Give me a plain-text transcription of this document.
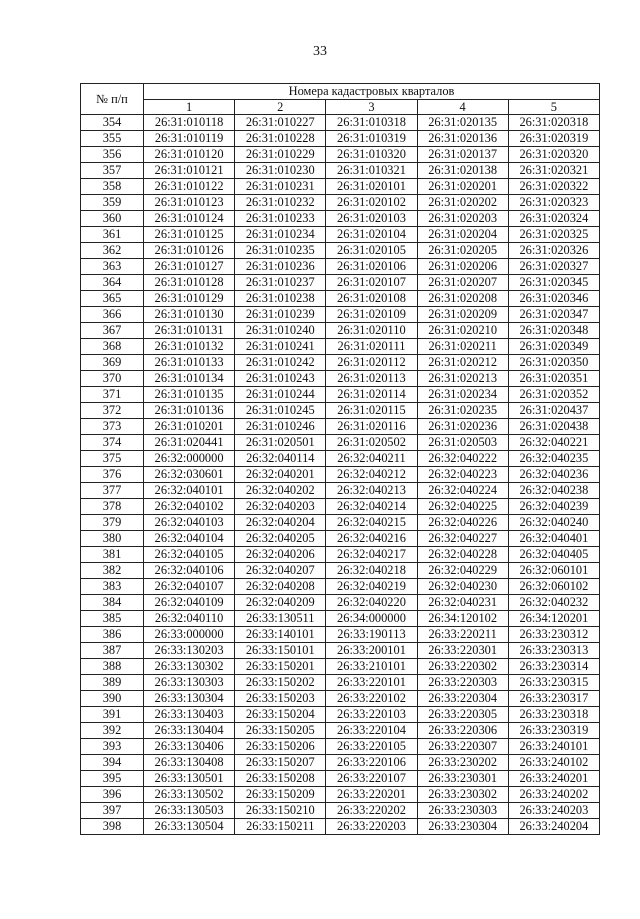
33
№ п/п	Номера кадастровых кварталов				
	1	2	3	4	5
354	26:31:010118	26:31:010227	26:31:010318	26:31:020135	26:31:020318
355	26:31:010119	26:31:010228	26:31:010319	26:31:020136	26:31:020319
356	26:31:010120	26:31:010229	26:31:010320	26:31:020137	26:31:020320
357	26:31:010121	26:31:010230	26:31:010321	26:31:020138	26:31:020321
358	26:31:010122	26:31:010231	26:31:020101	26:31:020201	26:31:020322
359	26:31:010123	26:31:010232	26:31:020102	26:31:020202	26:31:020323
360	26:31:010124	26:31:010233	26:31:020103	26:31:020203	26:31:020324
361	26:31:010125	26:31:010234	26:31:020104	26:31:020204	26:31:020325
362	26:31:010126	26:31:010235	26:31:020105	26:31:020205	26:31:020326
363	26:31:010127	26:31:010236	26:31:020106	26:31:020206	26:31:020327
364	26:31:010128	26:31:010237	26:31:020107	26:31:020207	26:31:020345
365	26:31:010129	26:31:010238	26:31:020108	26:31:020208	26:31:020346
366	26:31:010130	26:31:010239	26:31:020109	26:31:020209	26:31:020347
367	26:31:010131	26:31:010240	26:31:020110	26:31:020210	26:31:020348
368	26:31:010132	26:31:010241	26:31:020111	26:31:020211	26:31:020349
369	26:31:010133	26:31:010242	26:31:020112	26:31:020212	26:31:020350
370	26:31:010134	26:31:010243	26:31:020113	26:31:020213	26:31:020351
371	26:31:010135	26:31:010244	26:31:020114	26:31:020234	26:31:020352
372	26:31:010136	26:31:010245	26:31:020115	26:31:020235	26:31:020437
373	26:31:010201	26:31:010246	26:31:020116	26:31:020236	26:31:020438
374	26:31:020441	26:31:020501	26:31:020502	26:31:020503	26:32:040221
375	26:32:000000	26:32:040114	26:32:040211	26:32:040222	26:32:040235
376	26:32:030601	26:32:040201	26:32:040212	26:32:040223	26:32:040236
377	26:32:040101	26:32:040202	26:32:040213	26:32:040224	26:32:040238
378	26:32:040102	26:32:040203	26:32:040214	26:32:040225	26:32:040239
379	26:32:040103	26:32:040204	26:32:040215	26:32:040226	26:32:040240
380	26:32:040104	26:32:040205	26:32:040216	26:32:040227	26:32:040401
381	26:32:040105	26:32:040206	26:32:040217	26:32:040228	26:32:040405
382	26:32:040106	26:32:040207	26:32:040218	26:32:040229	26:32:060101
383	26:32:040107	26:32:040208	26:32:040219	26:32:040230	26:32:060102
384	26:32:040109	26:32:040209	26:32:040220	26:32:040231	26:32:040232
385	26:32:040110	26:33:130511	26:34:000000	26:34:120102	26:34:120201
386	26:33:000000	26:33:140101	26:33:190113	26:33:220211	26:33:230312
387	26:33:130203	26:33:150101	26:33:200101	26:33:220301	26:33:230313
388	26:33:130302	26:33:150201	26:33:210101	26:33:220302	26:33:230314
389	26:33:130303	26:33:150202	26:33:220101	26:33:220303	26:33:230315
390	26:33:130304	26:33:150203	26:33:220102	26:33:220304	26:33:230317
391	26:33:130403	26:33:150204	26:33:220103	26:33:220305	26:33:230318
392	26:33:130404	26:33:150205	26:33:220104	26:33:220306	26:33:230319
393	26:33:130406	26:33:150206	26:33:220105	26:33:220307	26:33:240101
394	26:33:130408	26:33:150207	26:33:220106	26:33:230202	26:33:240102
395	26:33:130501	26:33:150208	26:33:220107	26:33:230301	26:33:240201
396	26:33:130502	26:33:150209	26:33:220201	26:33:230302	26:33:240202
397	26:33:130503	26:33:150210	26:33:220202	26:33:230303	26:33:240203
398	26:33:130504	26:33:150211	26:33:220203	26:33:230304	26:33:240204
